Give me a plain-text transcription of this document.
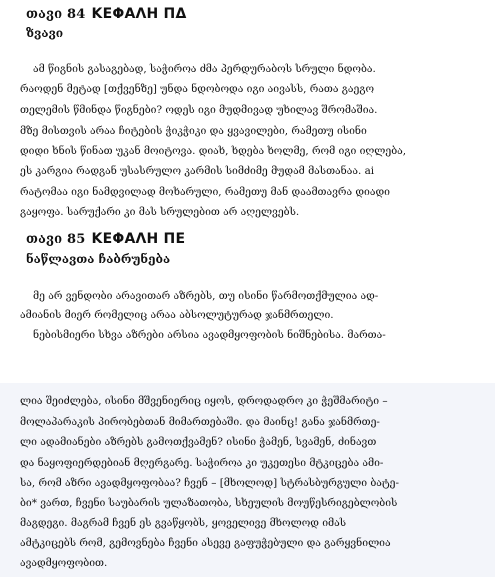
თავი 84 ΚΕΦΑΛΗ ΠΔ
ზვავი
ამ წიგნის გასაგებად, საჭიროა ძმა პერდურაბოს სრული ნდობა.
რაოდენ მეტად [თქვენზე] უნდა ნდობოდა იგი აივასს, რათა გაეგო
თელემის წმინდა წიგნები? ოდეს იგი მუდმივად უხილავ შრომაშია.
მზე მისთვის არაა ჩიტების ჭიკჭიკი და ყვავილები, რამეთუ ისინი
დიდი ხნის წინათ უკან მოიტოვა. დიახ, ხდება ხოლმე, რომ იგი იღლება,
ეს კარგია რადგან უსასრულო კარმის სიმძიმე მუდამ მასთანაა. ai
რატომაა იგი ნამდვილად მოხარული, რამეთუ მან დაამთავრა დიადი
გაყოფა. სარუქარი კი მას სრულებით არ აღელვებს.
თავი 85 ΚΕΦΑΛΗ ΠΕ
ნაწლავთა ჩაბრუნება
მე არ ვენდობი არავითარ აზრებს, თუ ისინი წარმოთქმულია ად-
ამიანის მიერ რომელიც არაა აბსოლუტურად ჯანმრთელი.
ნებისმიერი სხვა აზრები არსია ავადმყოფობის ნიშნებისა. მართა-
ლია შეიძლება, ისინი მშვენიერიც იყოს, დროდადრო კი ჭეშმარიტი –
მოლაპარაკის პირობებთან მიმართებაში. და მაინც! განა ჯანმრთე-
ლი ადამიანები აზრებს გამოთქვამენ? ისინი ჭამენ, სვამენ, ძინავთ
და ნაყოფიერდებიან მღერგარე. საჭიროა კი უკეთესი მტკიცება ამი-
სა, რომ აზრი ავადმყოფობაა? ჩვენ – [მხოლოდ] სტრასბურგული ბატე-
ბი* ვართ, ჩვენი საუბარის ულაზათობა, სხეულის მოუწესრიგებლობის
მაგდეგი. მაგრამ ჩვენ ეს გვაწყობს, ყოველივე მხოლოდ იმას
ამტკიცებს რომ, გემოვნება ჩვენი ასევე გაფუჭებული და გარყვნილია
ავადმყოფობით.
